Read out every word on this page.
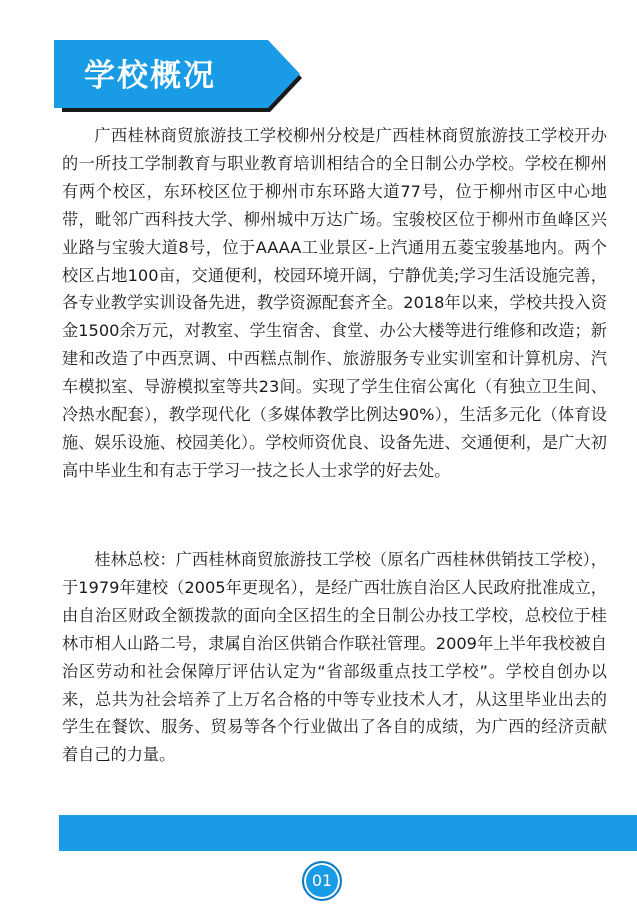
学校概况

广西桂林商贸旅游技工学校柳州分校是广西桂林商贸旅游技工学校开办的一所技工学制教育与职业教育培训相结合的全日制公办学校。学校在柳州有两个校区，东环校区位于柳州市东环路大道77号，位于柳州市区中心地带，毗邻广西科技大学、柳州城中万达广场。宝骏校区位于柳州市鱼峰区兴业路与宝骏大道8号，位于AAAA工业景区-上汽通用五菱宝骏基地内。两个校区占地100亩，交通便利，校园环境开阔，宁静优美;学习生活设施完善，各专业教学实训设备先进，教学资源配套齐全。2018年以来，学校共投入资金1500余万元，对教室、学生宿舍、食堂、办公大楼等进行维修和改造；新建和改造了中西烹调、中西糕点制作、旅游服务专业实训室和计算机房、汽车模拟室、导游模拟室等共23间。实现了学生住宿公寓化（有独立卫生间、冷热水配套），教学现代化（多媒体教学比例达90%），生活多元化（体育设施、娱乐设施、校园美化）。学校师资优良、设备先进、交通便利，是广大初高中毕业生和有志于学习一技之长人士求学的好去处。

桂林总校：广西桂林商贸旅游技工学校（原名广西桂林供销技工学校），于1979年建校（2005年更现名），是经广西壮族自治区人民政府批准成立，由自治区财政全额拨款的面向全区招生的全日制公办技工学校，总校位于桂林市相人山路二号，隶属自治区供销合作联社管理。2009年上半年我校被自治区劳动和社会保障厅评估认定为“省部级重点技工学校”。学校自创办以来，总共为社会培养了上万名合格的中等专业技术人才，从这里毕业出去的学生在餐饮、服务、贸易等各个行业做出了各自的成绩，为广西的经济贡献着自己的力量。

01
